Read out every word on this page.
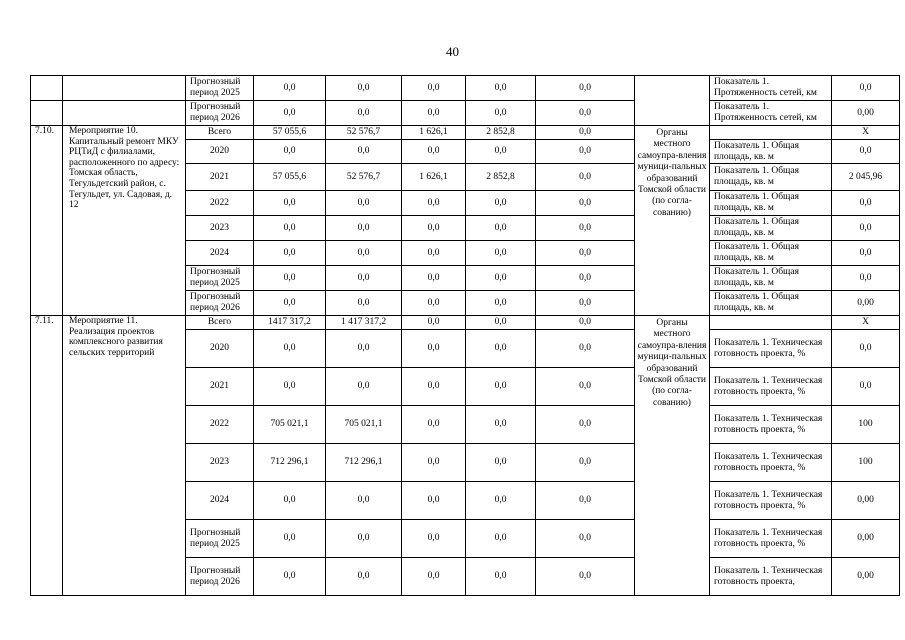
40
		Прогнозный период 2025	0,0	0,0	0,0	0,0	0,0		Показатель 1. Протяженность сетей, км	0,0
		Прогнозный период 2026	0,0	0,0	0,0	0,0	0,0		Показатель 1. Протяженность сетей, км	0,00
7.10.	Мероприятие 10. Капитальный ремонт МКУ РЦТиД с филиалами, расположенного по адресу: Томская область, Тегульдетский район, с. Тегульдет, ул. Садовая, д. 12	Всего	57 055,6	52 576,7	1 626,1	2 852,8	0,0	Органы местного самоупра-вления муници-пальных образований Томской области (по согла-сованию)		X
		2020	0,0	0,0	0,0	0,0	0,0		Показатель 1. Общая площадь, кв. м	0,0
		2021	57 055,6	52 576,7	1 626,1	2 852,8	0,0		Показатель 1. Общая площадь, кв. м	2 045,96
		2022	0,0	0,0	0,0	0,0	0,0		Показатель 1. Общая площадь, кв. м	0,0
		2023	0,0	0,0	0,0	0,0	0,0		Показатель 1. Общая площадь, кв. м	0,0
		2024	0,0	0,0	0,0	0,0	0,0		Показатель 1. Общая площадь, кв. м	0,0
		Прогнозный период 2025	0,0	0,0	0,0	0,0	0,0		Показатель 1. Общая площадь, кв. м	0,0
		Прогнозный период 2026	0,0	0,0	0,0	0,0	0,0		Показатель 1. Общая площадь, кв. м	0,00
7.11.	Мероприятие 11. Реализация проектов комплексного развития сельских территорий	Всего	1417 317,2	1 417 317,2	0,0	0,0	0,0	Органы местного самоупра-вления муници-пальных образований Томской области (по согла-сованию)		X
		2020	0,0	0,0	0,0	0,0	0,0		Показатель 1. Техническая готовность проекта, %	0,0
		2021	0,0	0,0	0,0	0,0	0,0		Показатель 1. Техническая готовность проекта, %	0,0
		2022	705 021,1	705 021,1	0,0	0,0	0,0		Показатель 1. Техническая готовность проекта, %	100
		2023	712 296,1	712 296,1	0,0	0,0	0,0		Показатель 1. Техническая готовность проекта, %	100
		2024	0,0	0,0	0,0	0,0	0,0		Показатель 1. Техническая готовность проекта, %	0,00
		Прогнозный период 2025	0,0	0,0	0,0	0,0	0,0		Показатель 1. Техническая готовность проекта, %	0,00
		Прогнозный период 2026	0,0	0,0	0,0	0,0	0,0		Показатель 1. Техническая готовность проекта,	0,00
